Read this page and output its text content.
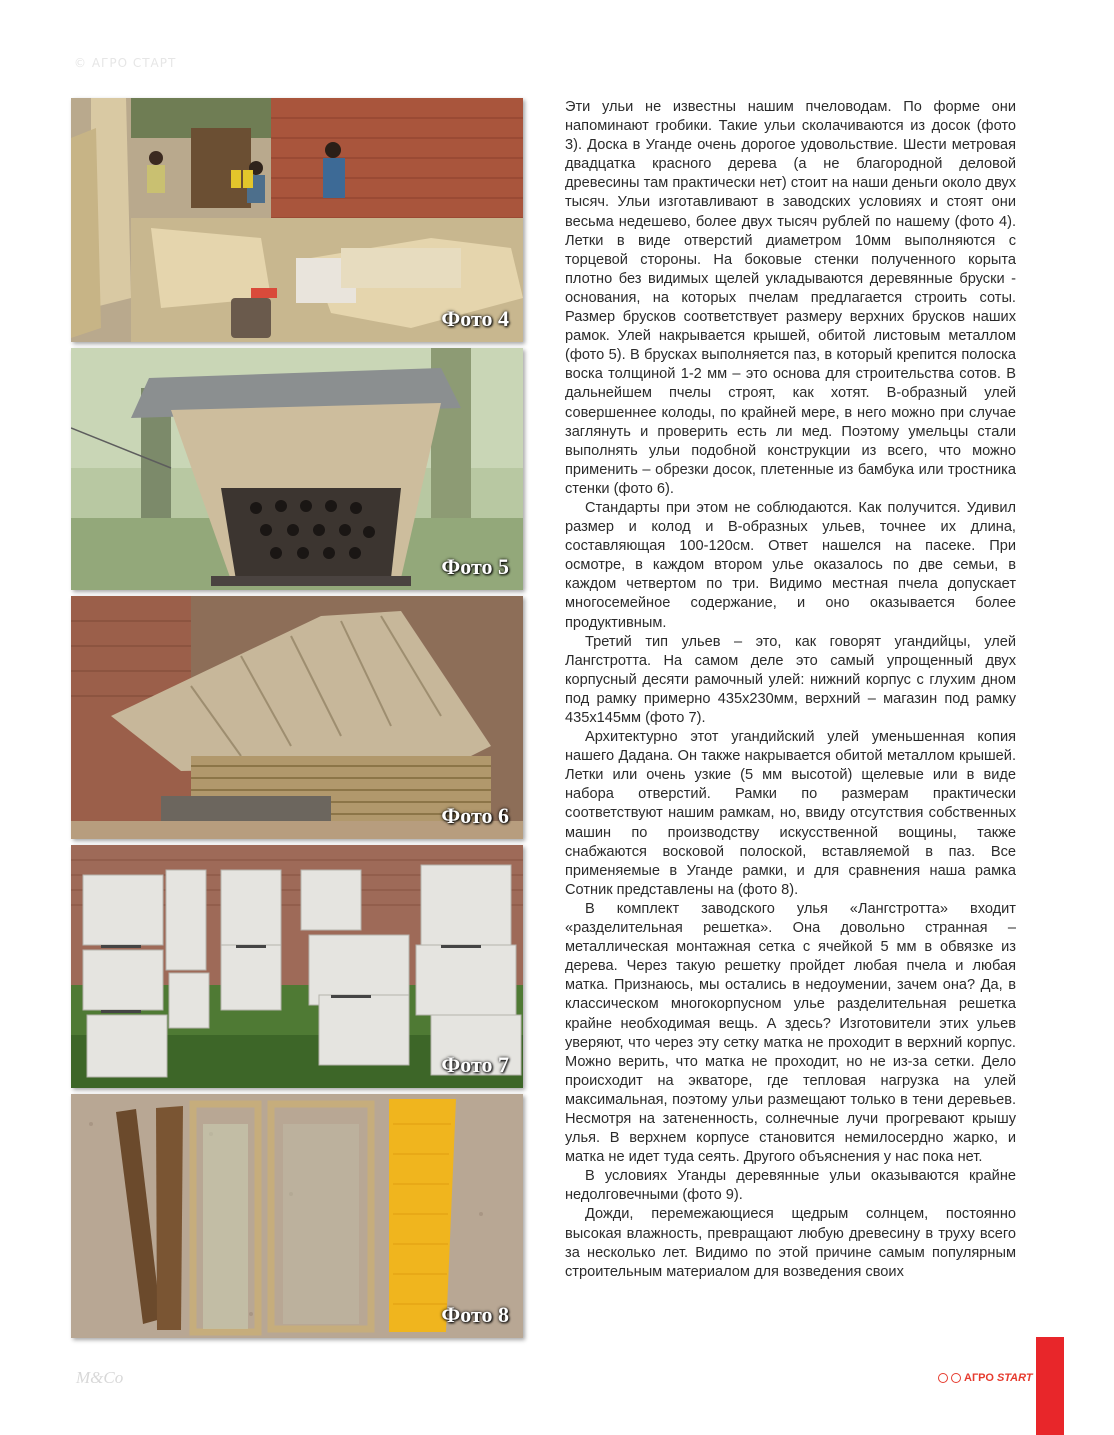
© АГРО СТАРТ
Фото 4
Фото 5
Фото 6
Фото 7
Фото 8

Эти ульи не известны нашим пчеловодам. По форме они напоминают гробики. Такие ульи сколачиваются из досок (фото 3). Доска в Уганде очень дорогое удовольствие. Шести метровая двадцатка красного дерева (а не благородной деловой древесины там практически нет) стоит на наши деньги около двух тысяч. Ульи изготавливают в заводских условиях и стоят они весьма недешево, более двух тысяч рублей по нашему (фото 4). Летки в виде отверстий диаметром 10мм выполняются с торцевой стороны. На боковые стенки полученного корыта плотно без видимых щелей укладываются деревянные бруски - основания, на которых пчелам предлагается строить соты. Размер брусков соответствует размеру верхних брусков наших рамок. Улей накрывается крышей, обитой листовым металлом (фото 5). В брусках выполняется паз, в который крепится полоска воска толщиной 1-2 мм – это основа для строительства сотов. В дальнейшем пчелы строят, как хотят. В-образный улей совершеннее колоды, по крайней мере, в него можно при случае заглянуть и проверить есть ли мед. Поэтому умельцы стали выполнять ульи подобной конструкции из всего, что можно применить – обрезки досок, плетенные из бамбука или тростника стенки (фото 6).

Стандарты при этом не соблюдаются. Как получится. Удивил размер и колод и В-образных ульев, точнее их длина, составляющая 100-120см. Ответ нашелся на пасеке. При осмотре, в каждом втором улье оказалось по две семьи, в каждом четвертом по три. Видимо местная пчела допускает многосемейное содержание, и оно оказывается более продуктивным.

Третий тип ульев – это, как говорят угандийцы, улей Лангстротта. На самом деле это самый упрощенный двух корпусный десяти рамочный улей: нижний корпус с глухим дном под рамку примерно 435х230мм, верхний – магазин под рамку 435х145мм (фото 7).

Архитектурно этот угандийский улей уменьшенная копия нашего Дадана. Он также накрывается обитой металлом крышей. Летки или очень узкие (5 мм высотой) щелевые или в виде набора отверстий. Рамки по размерам практически соответствуют нашим рамкам, но, ввиду отсутствия собственных машин по производству искусственной вощины, также снабжаются восковой полоской, вставляемой в паз. Все применяемые в Уганде рамки, и для сравнения наша рамка Сотник представлены на (фото 8).

В комплект заводского улья «Лангстротта» входит «разделительная решетка». Она довольно странная – металлическая монтажная сетка с ячейкой 5 мм в обвязке из дерева. Через такую решетку пройдет любая пчела и любая матка. Признаюсь, мы остались в недоумении, зачем она? Да, в классическом многокорпусном улье разделительная решетка крайне необходимая вещь. А здесь? Изготовители этих ульев уверяют, что через эту сетку матка не проходит в верхний корпус. Можно верить, что матка не проходит, но не из-за сетки. Дело происходит на экваторе, где тепловая нагрузка на улей максимальная, поэтому ульи размещают только в тени деревьев. Несмотря на затененность, солнечные лучи прогревают крышу улья. В верхнем корпусе становится немилосердно жарко, и матка не идет туда сеять. Другого объяснения у нас пока нет.

В условиях Уганды деревянные ульи оказываются крайне недолговечными (фото 9).

Дожди, перемежающиеся щедрым солнцем, постоянно высокая влажность, превращают любую древесину в труху всего за несколько лет. Видимо по этой причине самым популярным строительным материалом для возведения своих

M&Co	АГРО START
